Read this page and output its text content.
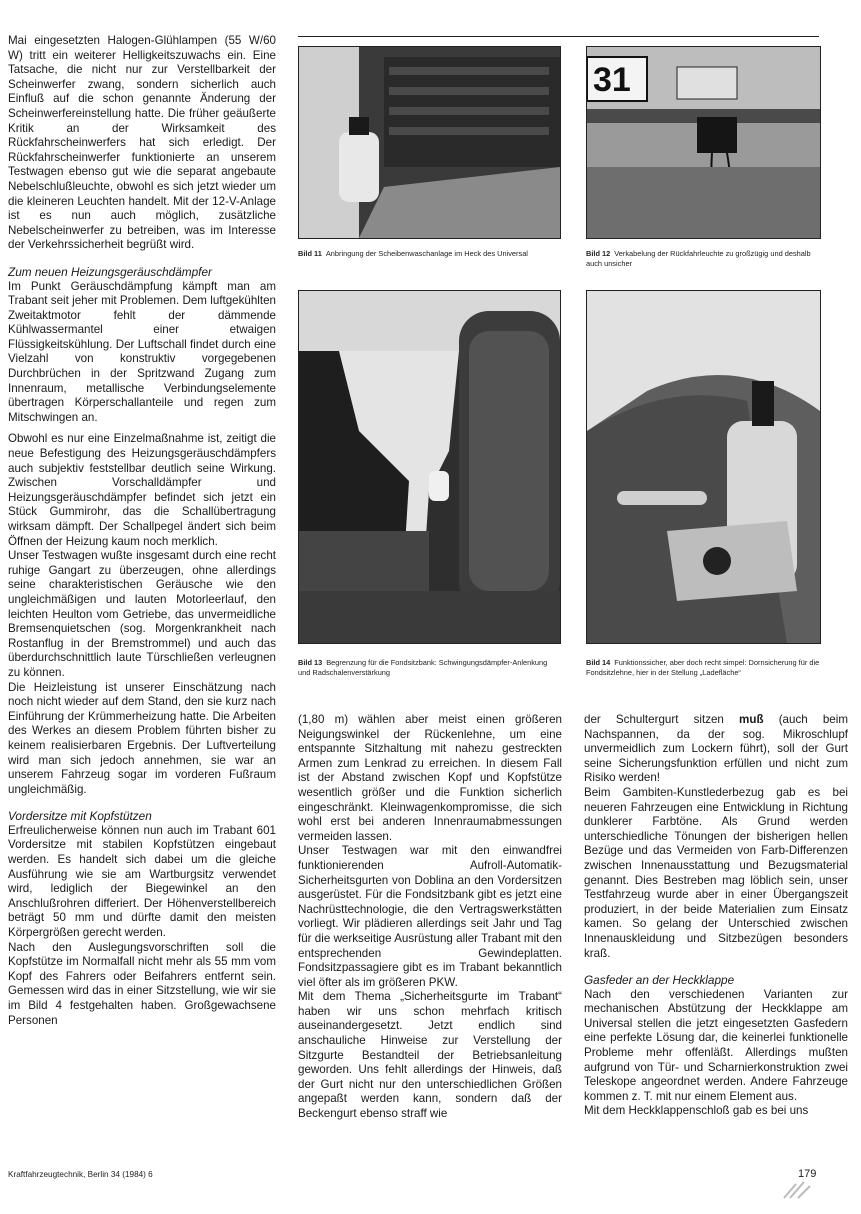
Mai eingesetzten Halogen-Glühlampen (55 W/60 W) tritt ein weiterer Helligkeitszuwachs ein. Eine Tatsache, die nicht nur zur Verstellbarkeit der Scheinwerfer zwang, sondern sicherlich auch Einfluß auf die schon genannte Änderung der Scheinwerfereinstellung hatte. Die früher geäußerte Kritik an der Wirksamkeit des Rückfahrscheinwerfers hat sich erledigt. Der Rückfahrscheinwerfer funktionierte an unserem Testwagen ebenso gut wie die separat angebaute Nebelschlußleuchte, obwohl es sich jetzt wieder um die kleineren Leuchten handelt. Mit der 12-V-Anlage ist es nun auch möglich, zusätzliche Nebelscheinwerfer zu betreiben, was im Interesse der Verkehrssicherheit begrüßt wird.

Zum neuen Heizungsgeräuschdämpfer

Im Punkt Geräuschdämpfung kämpft man am Trabant seit jeher mit Problemen. Dem luftgekühlten Zweitaktmotor fehlt der dämmende Kühlwassermantel einer etwaigen Flüssigkeitskühlung. Der Luftschall findet durch eine Vielzahl von konstruktiv vorgegebenen Durchbrüchen in der Spritzwand Zugang zum Innenraum, metallische Verbindungselemente übertragen Körperschallanteile und regen zum Mitschwingen an.

Obwohl es nur eine Einzelmaßnahme ist, zeitigt die neue Befestigung des Heizungsgeräuschdämpfers auch subjektiv feststellbar deutlich seine Wirkung. Zwischen Vorschalldämpfer und Heizungsgeräuschdämpfer befindet sich jetzt ein Stück Gummirohr, das die Schallübertragung wirksam dämpft. Der Schallpegel ändert sich beim Öffnen der Heizung kaum noch merklich.

Unser Testwagen wußte insgesamt durch eine recht ruhige Gangart zu überzeugen, ohne allerdings seine charakteristischen Geräusche wie den ungleichmäßigen und lauten Motorleerlauf, den leichten Heulton vom Getriebe, das unvermeidliche Bremsenquietschen (sog. Morgenkrankheit nach Rostanflug in der Bremstrommel) und auch das überdurchschnittlich laute Türschließen verleugnen zu können.

Die Heizleistung ist unserer Einschätzung nach noch nicht wieder auf dem Stand, den sie kurz nach Einführung der Krümmerheizung hatte. Die Arbeiten des Werkes an diesem Problem führten bisher zu keinem realisierbaren Ergebnis. Der Luftverteilung wird man sich jedoch annehmen, sie war an unserem Fahrzeug sogar im vorderen Fußraum ungleichmäßig.

Vordersitze mit Kopfstützen

Erfreulicherweise können nun auch im Trabant 601 Vordersitze mit stabilen Kopfstützen eingebaut werden. Es handelt sich dabei um die gleiche Ausführung wie sie am Wartburgsitz verwendet wird, lediglich der Biegewinkel an den Anschlußrohren differiert. Der Höhenverstellbereich beträgt 50 mm und dürfte damit den meisten Körpergrößen gerecht werden.

Nach den Auslegungsvorschriften soll die Kopfstütze im Normalfall nicht mehr als 55 mm vom Kopf des Fahrers oder Beifahrers entfernt sein. Gemessen wird das in einer Sitzstellung, wie wir sie im Bild 4 festgehalten haben. Großgewachsene Personen

31
Bild 11 Anbringung der Scheibenwaschanlage im Heck des Universal	Bild 12 Verkabelung der Rückfahrleuchte zu großzügig und deshalb auch unsicher
Bild 13 Begrenzung für die Fondsitzbank: Schwingungsdämpfer-Anlenkung und Radschalenverstärkung
Bild 14 Funktionssicher, aber doch recht simpel: Dornsicherung für die Fondsitzlehne, hier in der Stellung „Ladefläche“

(1,80 m) wählen aber meist einen größeren Neigungswinkel der Rückenlehne, um eine entspannte Sitzhaltung mit nahezu gestreckten Armen zum Lenkrad zu erreichen. In diesem Fall ist der Abstand zwischen Kopf und Kopfstütze wesentlich größer und die Funktion sicherlich eingeschränkt. Kleinwagenkompromisse, die sich wohl erst bei anderen Innenraumabmessungen vermeiden lassen.

Unser Testwagen war mit den einwandfrei funktionierenden Aufroll-Automatik-Sicherheitsgurten von Doblina an den Vordersitzen ausgerüstet. Für die Fondsitzbank gibt es jetzt eine Nachrüsttechnologie, die den Vertragswerkstätten vorliegt. Wir plädieren allerdings seit Jahr und Tag für die werkseitige Ausrüstung aller Trabant mit den entsprechenden Gewindeplatten. Fondsitzpassagiere gibt es im Trabant bekanntlich viel öfter als im größeren PKW.

Mit dem Thema „Sicherheitsgurte im Trabant“ haben wir uns schon mehrfach kritisch auseinandergesetzt. Jetzt endlich sind anschauliche Hinweise zur Verstellung der Sitzgurte Bestandteil der Betriebsanleitung geworden. Uns fehlt allerdings der Hinweis, daß der Gurt nicht nur den unterschiedlichen Größen angepaßt werden kann, sondern daß der Beckengurt ebenso straff wie

der Schultergurt sitzen muß (auch beim Nachspannen, da der sog. Mikroschlupf unvermeidlich zum Lockern führt), soll der Gurt seine Sicherungsfunktion erfüllen und nicht zum Risiko werden!

Beim Gambiten-Kunstlederbezug gab es bei neueren Fahrzeugen eine Entwicklung in Richtung dunklerer Farbtöne. Als Grund werden unterschiedliche Tönungen der bisherigen hellen Bezüge und das Vermeiden von Farb-Differenzen zwischen Innenausstattung und Bezugsmaterial genannt. Dies Bestreben mag löblich sein, unser Testfahrzeug wurde aber in einer Übergangszeit produziert, in der beide Materialien zum Einsatz kamen. So gelang der Unterschied zwischen Innenauskleidung und Sitzbezügen besonders kraß.

Gasfeder an der Heckklappe

Nach den verschiedenen Varianten zur mechanischen Abstützung der Heckklappe am Universal stellen die jetzt eingesetzten Gasfedern eine perfekte Lösung dar, die keinerlei funktionelle Probleme mehr offenläßt. Allerdings mußten aufgrund von Tür- und Scharnierkonstruktion zwei Teleskope angeordnet werden. Andere Fahrzeuge kommen z. T. mit nur einem Element aus.

Mit dem Heckklappenschloß gab es bei uns

Kraftfahrzeugtechnik, Berlin 34 (1984) 6	179
